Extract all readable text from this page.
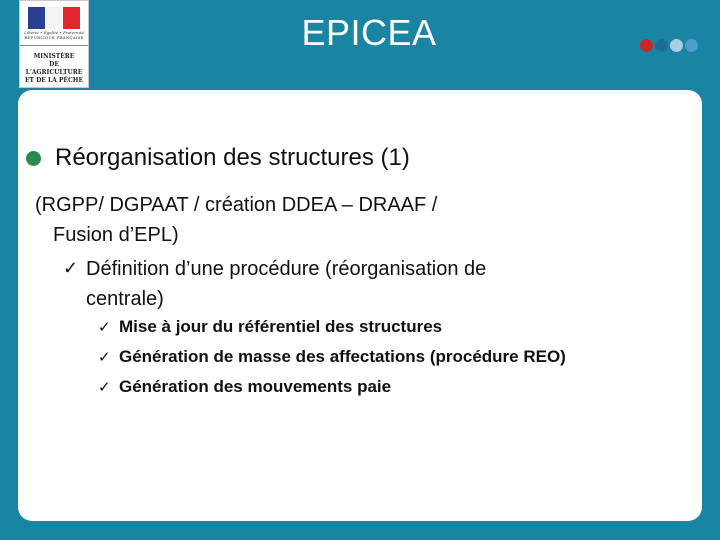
Liberté • Égalité • Fraternité
RÉPUBLIQUE FRANÇAISE
MINISTÈRE
DE L'AGRICULTURE
ET DE LA PÊCHE
EPICEA
Réorganisation des structures (1)
(RGPP/ DGPAAT / création DDEA – DRAAF /
Fusion d’EPL)
✓ Définition d’une procédure (réorganisation de
centrale)
✓ Mise à jour du référentiel des structures
✓ Génération de masse des affectations (procédure REO)
✓ Génération des mouvements paie
